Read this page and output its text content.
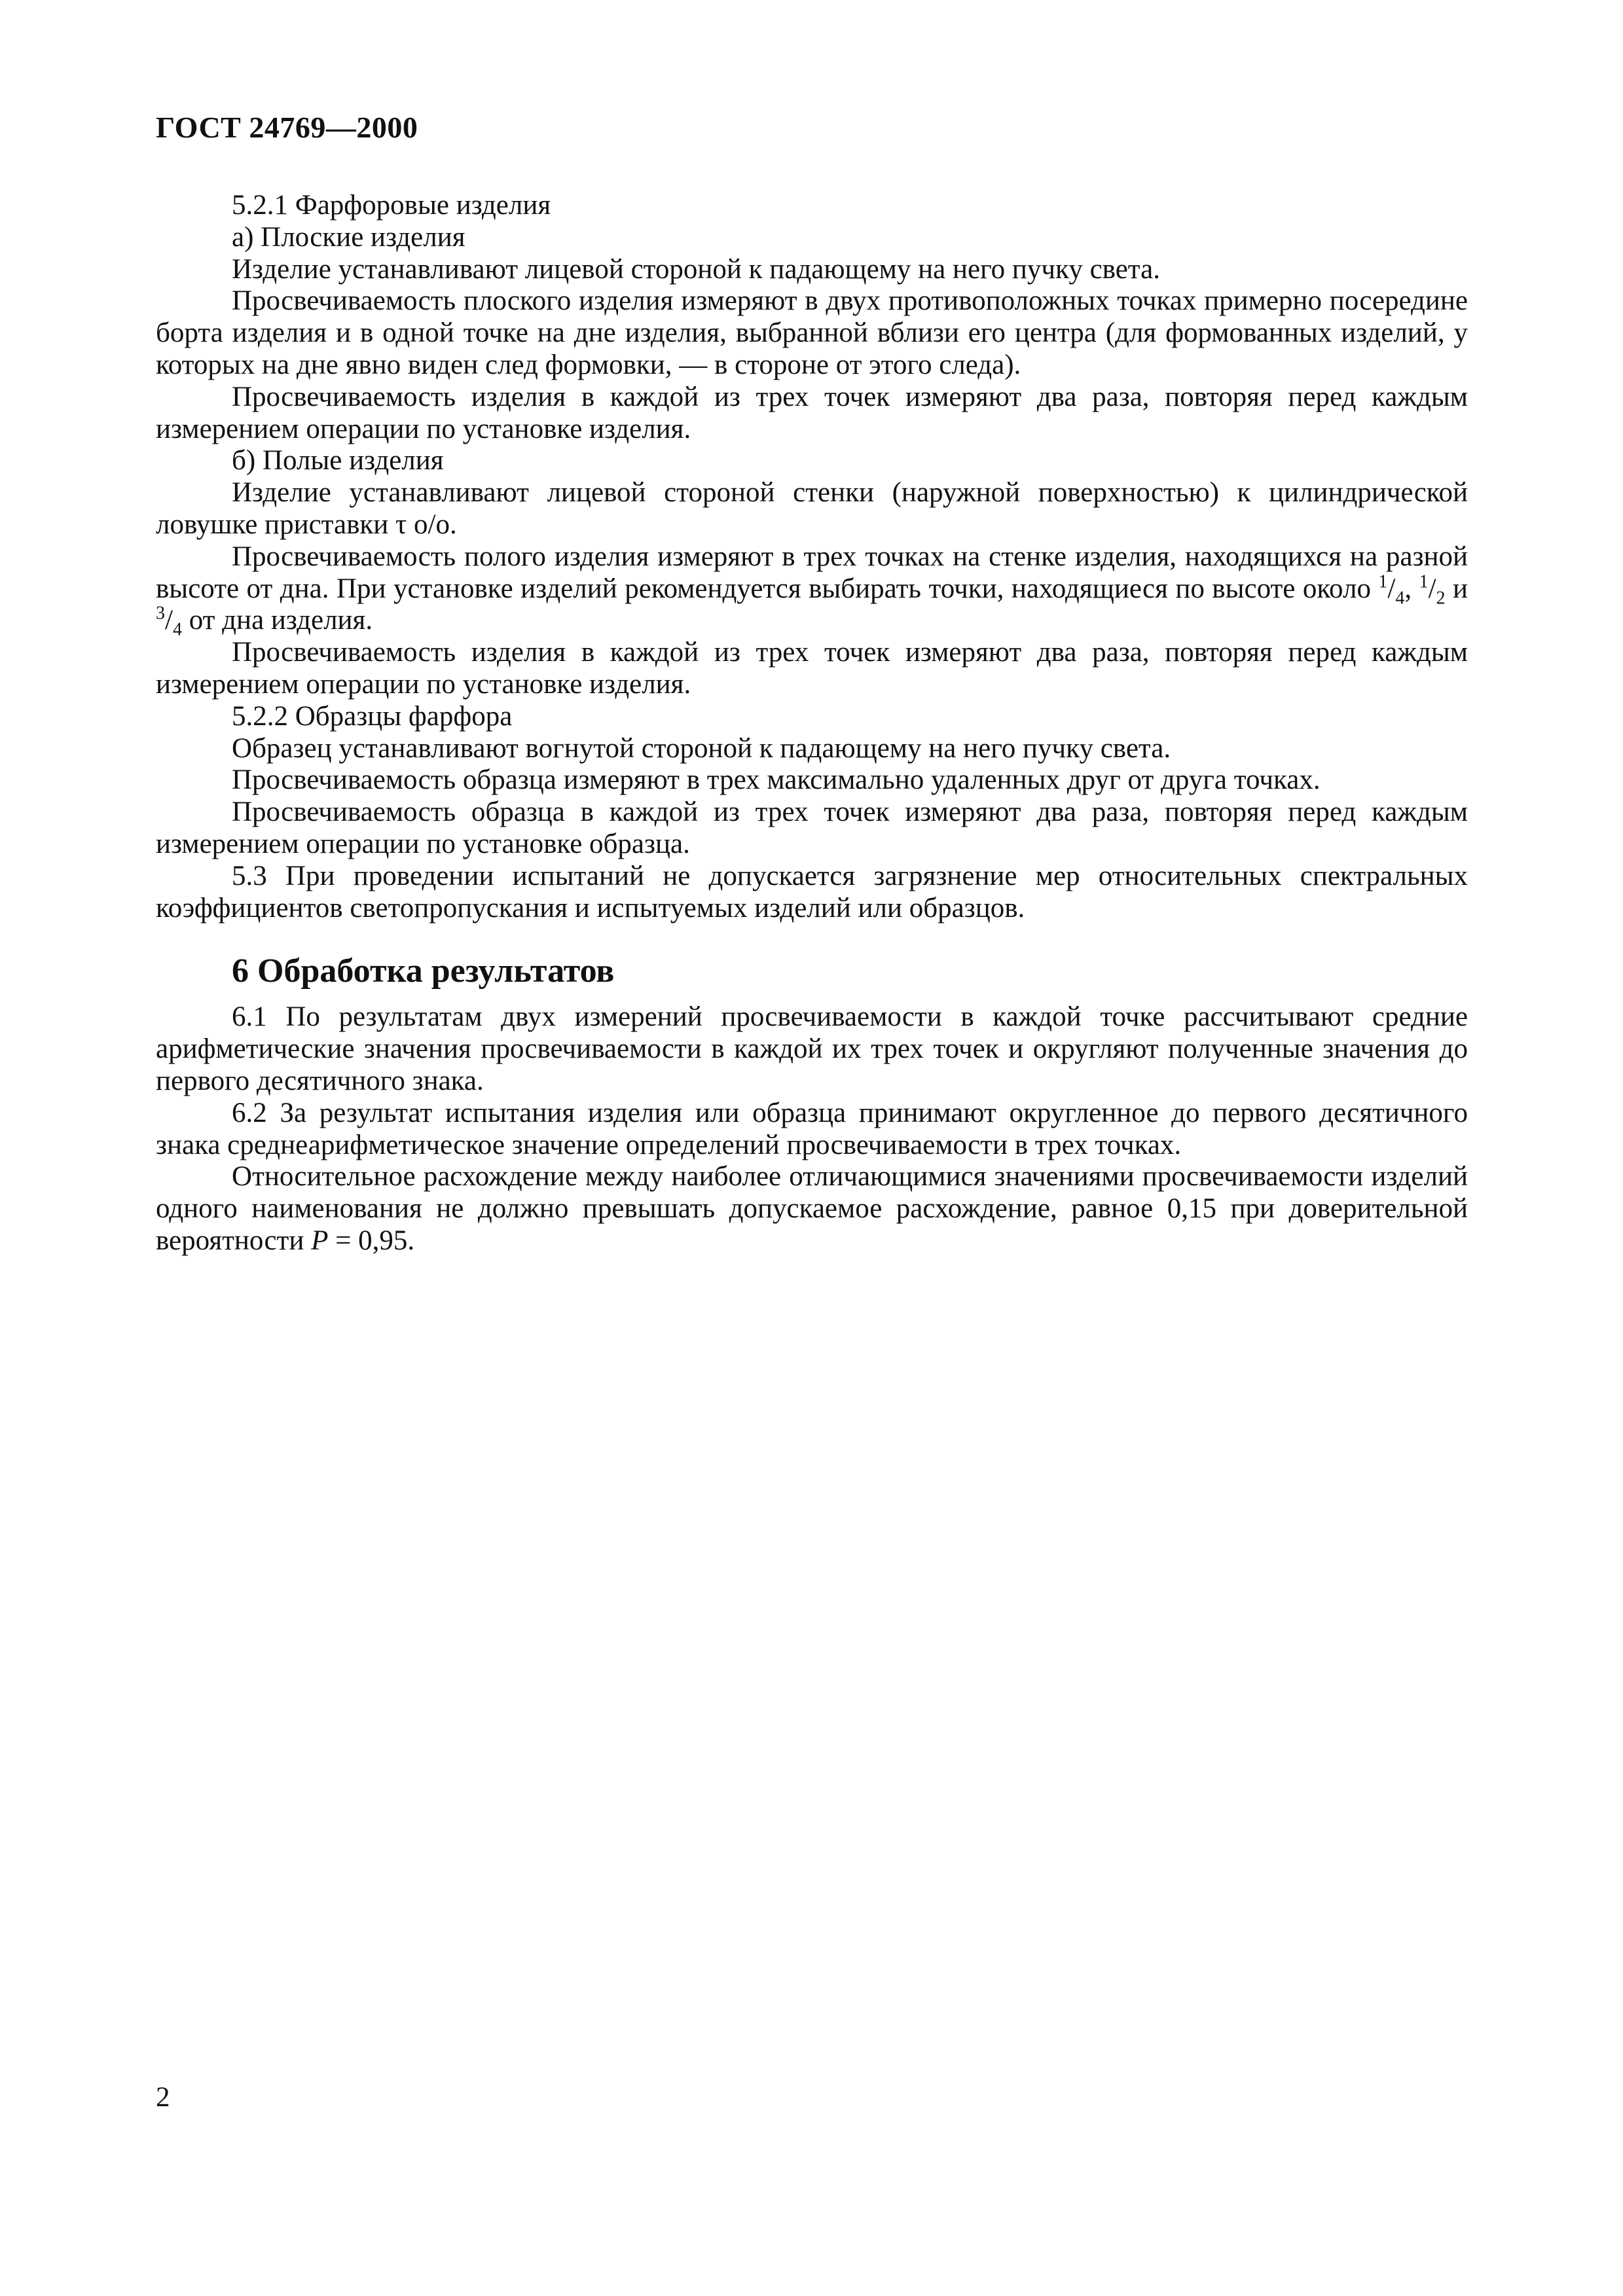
ГОСТ 24769—2000

5.2.1 Фарфоровые изделия

а) Плоские изделия

Изделие устанавливают лицевой стороной к падающему на него пучку света.

Просвечиваемость плоского изделия измеряют в двух противоположных точках примерно посередине борта изделия и в одной точке на дне изделия, выбранной вблизи его центра (для формованных изделий, у которых на дне явно виден след формовки, — в стороне от этого следа).

Просвечиваемость изделия в каждой из трех точек измеряют два раза, повторяя перед каждым измерением операции по установке изделия.

б) Полые изделия

Изделие устанавливают лицевой стороной стенки (наружной поверхностью) к цилиндрической ловушке приставки τ о/о.

Просвечиваемость полого изделия измеряют в трех точках на стенке изделия, находящихся на разной высоте от дна. При установке изделий рекомендуется выбирать точки, находящиеся по высоте около $^1/_4$, $^1/_2$ и $^3/_4$ от дна изделия.

Просвечиваемость изделия в каждой из трех точек измеряют два раза, повторяя перед каждым измерением операции по установке изделия.

5.2.2 Образцы фарфора

Образец устанавливают вогнутой стороной к падающему на него пучку света.

Просвечиваемость образца измеряют в трех максимально удаленных друг от друга точках.

Просвечиваемость образца в каждой из трех точек измеряют два раза, повторяя перед каждым измерением операции по установке образца.

5.3 При проведении испытаний не допускается загрязнение мер относительных спектральных коэффициентов светопропускания и испытуемых изделий или образцов.

6 Обработка результатов

6.1 По результатам двух измерений просвечиваемости в каждой точке рассчитывают средние арифметические значения просвечиваемости в каждой их трех точек и округляют полученные значения до первого десятичного знака.

6.2 За результат испытания изделия или образца принимают округленное до первого десятичного знака среднеарифметическое значение определений просвечиваемости в трех точках.

Относительное расхождение между наиболее отличающимися значениями просвечиваемости изделий одного наименования не должно превышать допускаемое расхождение, равное 0,15 при доверительной вероятности P = 0,95.

2
